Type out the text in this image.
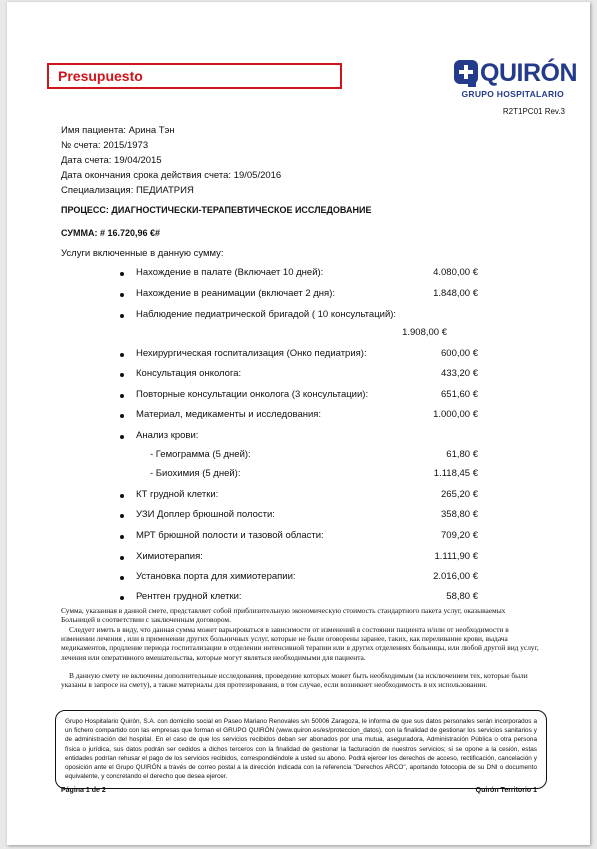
Presupuesto	QUIRÓN
GRUPO HOSPITALARIO
R2T1PC01 Rev.3
Имя пациента: Арина Тэн
№ счета: 2015/1973
Дата счета: 19/04/2015
Дата окончания срока действия счета: 19/05/2016
Специализация: ПЕДИАТРИЯ
ПРОЦЕСС: ДИАГНОСТИЧЕСКИ-ТЕРАПЕВТИЧЕСКОЕ ИССЛЕДОВАНИЕ
СУММА: # 16.720,96 €#
Услуги включенные в данную сумму:
Нахождение в палате (Включает 10 дней):	4.080,00 €
Нахождение в реанимации (включает 2 дня):	1.848,00 €
Наблюдение педиатрической бригадой ( 10 консультаций):
1.908,00 €
Нехирургическая госпитализация (Онко педиатрия):	600,00 €
Консультация онколога:	433,20 €
Повторные консультации онколога (3 консультации):	651,60 €
Материал, медикаменты и исследования:	1.000,00 €
Анализ крови:
- Гемограмма (5 дней):	61,80 €
- Биохимия (5 дней):	1.118,45 €
КТ грудной клетки:	265,20 €
УЗИ Доплер брюшной полости:	358,80 €
МРТ брюшной полости и тазовой области:	709,20 €
Химиотерапия:	1.111,90 €
Установка порта для химиотерапии:	2.016,00 €
Рентген грудной клетки:	58,80 €
Сумма, указанная в данной смете, представляет собой приблизительную экономическую стоимость стандартного пакета услуг, оказываемых Больницей в соответствии с заключенным договором.
Следует иметь в виду, что данная сумма может варьироваться в зависимости от изменений в состоянии пациента и/или от необходимости в изменении лечения , или в применении других больничных услуг, которые не были оговорены заранее, таких, как переливание крови, выдача медикаментов, продление периода госпитализации в отделении интенсивной терапии или в других отделениях больницы, или любой другой вид услуг, лечения или оперативного вмешательства, которые могут являться необходимыми для пациента.
В данную смету не включены дополнительные исследования, проведение которых может быть необходимым (за исключением тех, которые были указаны в запросе на смету), а также материалы для протезирования, в том случае, если возникнет необходимость в их использовании.
Grupo Hospitalario Quirón, S.A. con domicilio social en Paseo Mariano Renovales s/n 50006 Zaragoza, le informa de que sus datos personales serán incorporados a un fichero compartido con las empresas que forman el GRUPO QUIRÓN (www.quiron.es/es/proteccion_datos), con la finalidad de gestionar los servicios sanitarios y de administración del hospital. En el caso de que los servicios recibidos deban ser abonados por una mutua, aseguradora, Administración Pública o otra persona física o jurídica, sus datos podrán ser cedidos a dichos terceros con la finalidad de gestionar la facturación de nuestros servicios; si se opone a la cesión, estas entidades podrían rehusar el pago de los servicios recibidos, correspondiéndole a usted su abono. Podrá ejercer los derechos de acceso, rectificación, cancelación y oposición ante el Grupo QUIRÓN a través de correo postal a la dirección indicada con la referencia "Derechos ARCO", aportando fotocopia de su DNI o documento equivalente, y concretando el derecho que desea ejercer.
Página 1 de 2	Quirón Territorio 1
